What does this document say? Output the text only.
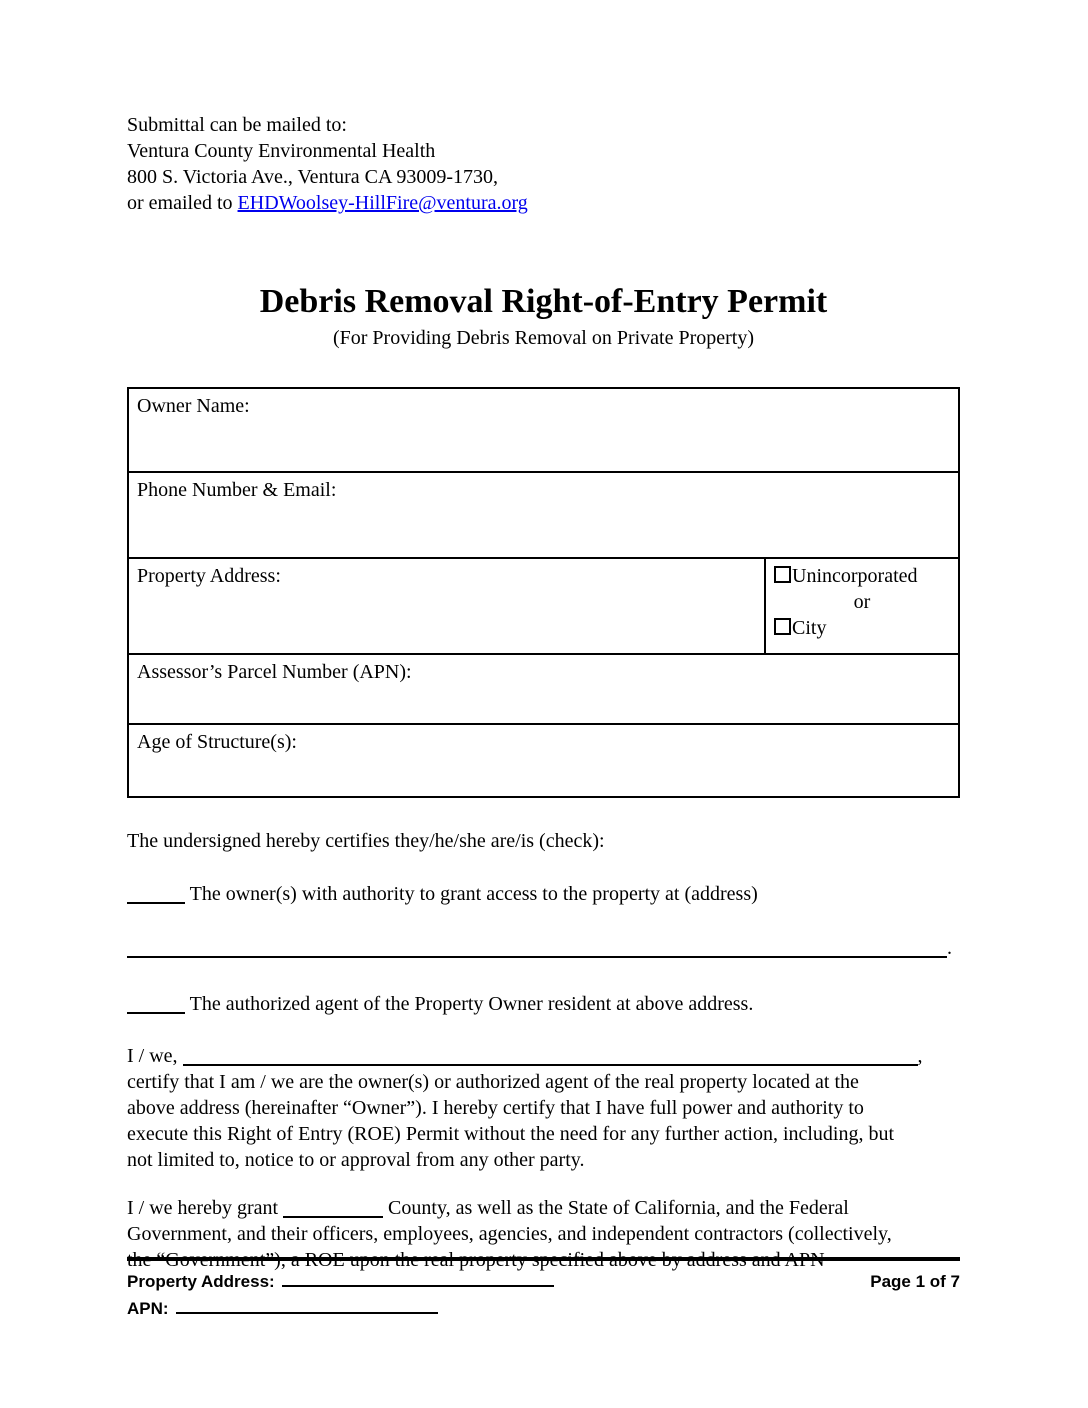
Submittal can be mailed to:
Ventura County Environmental Health
800 S. Victoria Ave., Ventura CA 93009-1730,
or emailed to EHDWoolsey-HillFire@ventura.org
Debris Removal Right-of-Entry Permit
(For Providing Debris Removal on Private Property)
Owner Name:
Phone Number & Email:
Property Address:	Unincorporated
or
City

Assessor’s Parcel Number (APN):
Age of Structure(s):
The undersigned hereby certifies they/he/she are/is (check):
The owner(s) with authority to grant access to the property at (address)
.
The authorized agent of the Property Owner resident at above address.
I / we,	,
certify that I am / we are the owner(s) or authorized agent of the real property located at the
above address (hereinafter “Owner”). I hereby certify that I have full power and authority to
execute this Right of Entry (ROE) Permit without the need for any further action, including, but
not limited to, notice to or approval from any other party.
I / we hereby grant	County, as well as the State of California, and the Federal
Government, and their officers, employees, agencies, and independent contractors (collectively,
the “Government”), a ROE upon the real property specified above by address and APN
Property Address:	Page 1 of 7
APN:
